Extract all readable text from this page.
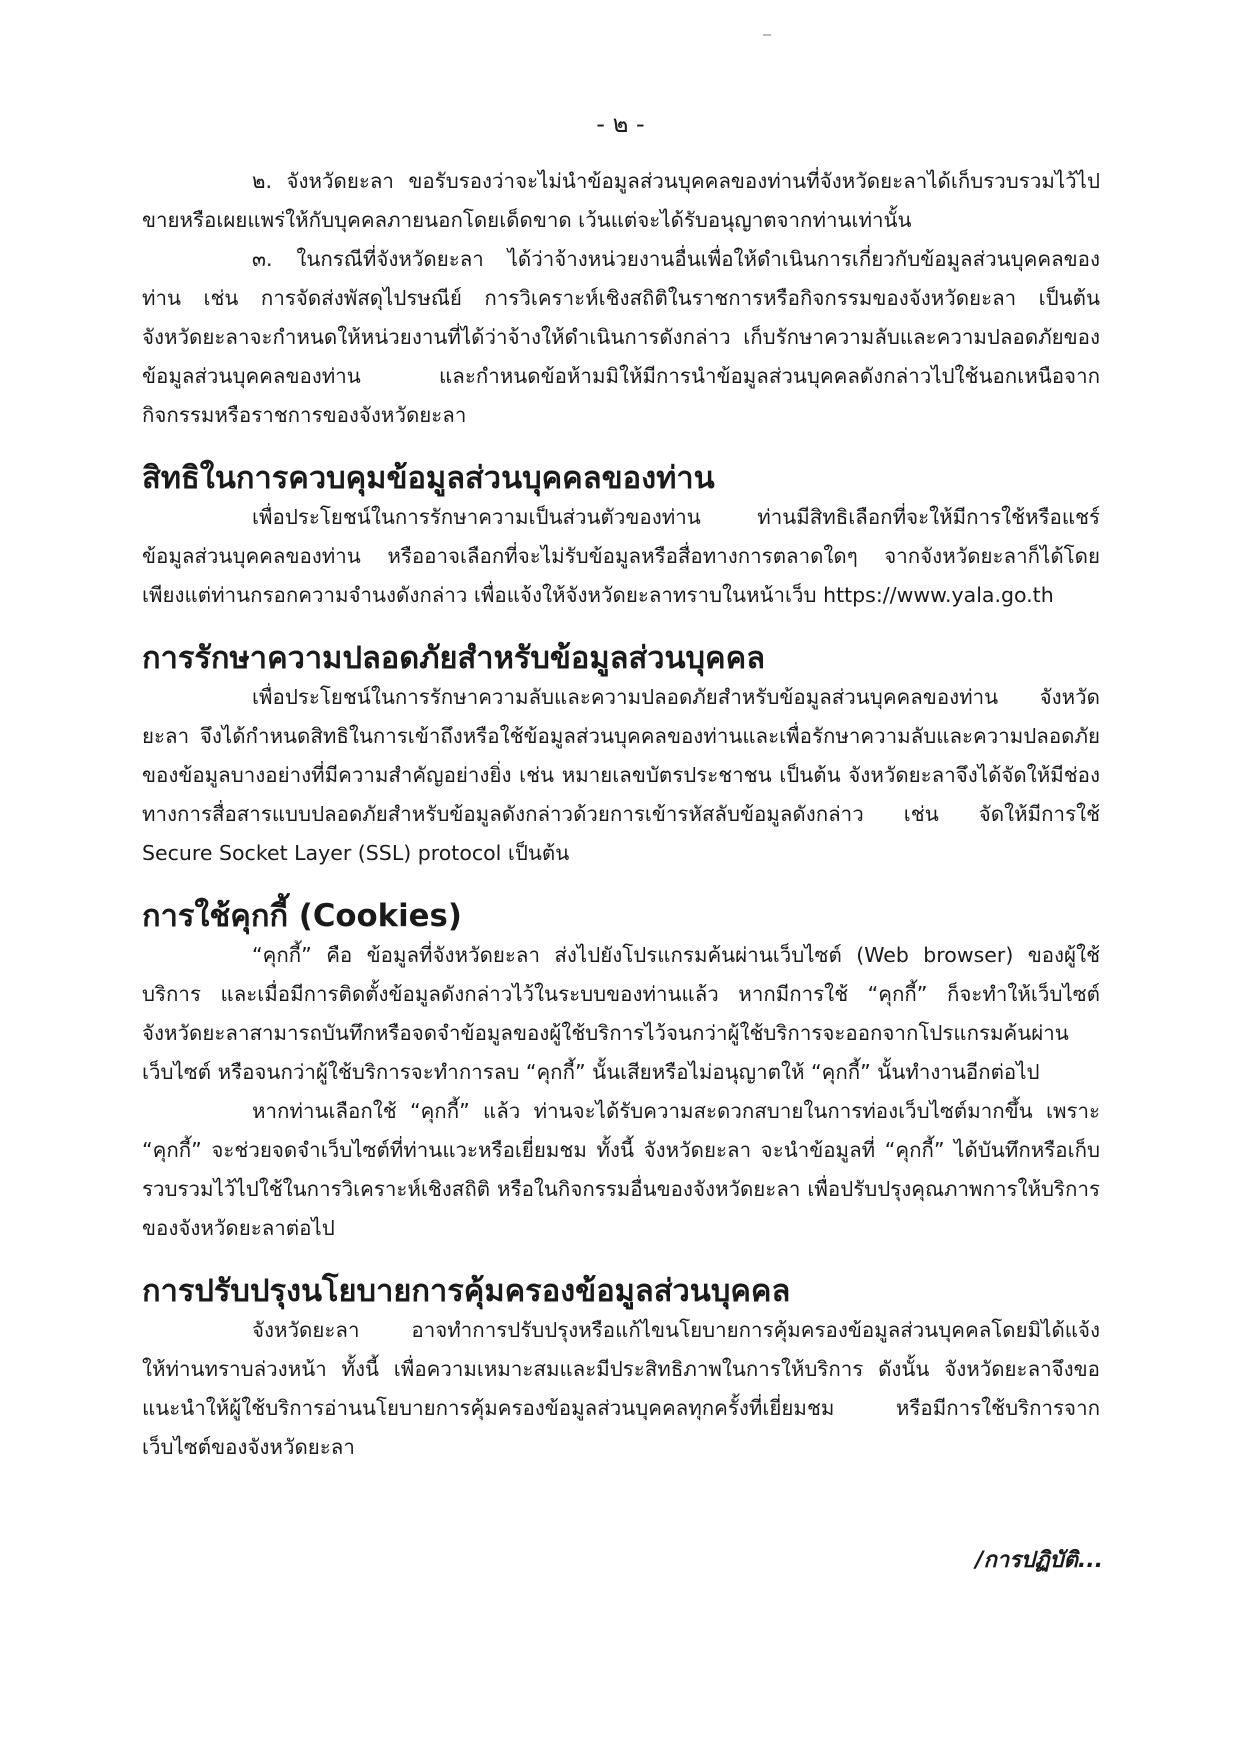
- ๒ -

๒. จังหวัดยะลา ขอรับรองว่าจะไม่นำข้อมูลส่วนบุคคลของท่านที่จังหวัดยะลาได้เก็บรวบรวมไว้ไปขายหรือเผยแพร่ให้กับบุคคลภายนอกโดยเด็ดขาด เว้นแต่จะได้รับอนุญาตจากท่านเท่านั้น

๓. ในกรณีที่จังหวัดยะลา ได้ว่าจ้างหน่วยงานอื่นเพื่อให้ดำเนินการเกี่ยวกับข้อมูลส่วนบุคคลของท่าน เช่น การจัดส่งพัสดุไปรษณีย์ การวิเคราะห์เชิงสถิติในราชการหรือกิจกรรมของจังหวัดยะลา เป็นต้น จังหวัดยะลาจะกำหนดให้หน่วยงานที่ได้ว่าจ้างให้ดำเนินการดังกล่าว เก็บรักษาความลับและความปลอดภัยของข้อมูลส่วนบุคคลของท่าน และกำหนดข้อห้ามมิให้มีการนำข้อมูลส่วนบุคคลดังกล่าวไปใช้นอกเหนือจากกิจกรรมหรือราชการของจังหวัดยะลา

สิทธิในการควบคุมข้อมูลส่วนบุคคลของท่าน

เพื่อประโยชน์ในการรักษาความเป็นส่วนตัวของท่าน ท่านมีสิทธิเลือกที่จะให้มีการใช้หรือแชร์ข้อมูลส่วนบุคคลของท่าน หรืออาจเลือกที่จะไม่รับข้อมูลหรือสื่อทางการตลาดใดๆ จากจังหวัดยะลาก็ได้โดยเพียงแต่ท่านกรอกความจำนงดังกล่าว เพื่อแจ้งให้จังหวัดยะลาทราบในหน้าเว็บ https://www.yala.go.th

การรักษาความปลอดภัยสำหรับข้อมูลส่วนบุคคล

เพื่อประโยชน์ในการรักษาความลับและความปลอดภัยสำหรับข้อมูลส่วนบุคคลของท่าน จังหวัดยะลา จึงได้กำหนดสิทธิในการเข้าถึงหรือใช้ข้อมูลส่วนบุคคลของท่านและเพื่อรักษาความลับและความปลอดภัยของข้อมูลบางอย่างที่มีความสำคัญอย่างยิ่ง เช่น หมายเลขบัตรประชาชน เป็นต้น จังหวัดยะลาจึงได้จัดให้มีช่องทางการสื่อสารแบบปลอดภัยสำหรับข้อมูลดังกล่าวด้วยการเข้ารหัสลับข้อมูลดังกล่าว เช่น จัดให้มีการใช้ Secure Socket Layer (SSL) protocol เป็นต้น

การใช้คุกกี้ (Cookies)

“คุกกี้” คือ ข้อมูลที่จังหวัดยะลา ส่งไปยังโปรแกรมค้นผ่านเว็บไซต์ (Web browser) ของผู้ใช้บริการ และเมื่อมีการติดตั้งข้อมูลดังกล่าวไว้ในระบบของท่านแล้ว หากมีการใช้ “คุกกี้” ก็จะทำให้เว็บไซต์จังหวัดยะลาสามารถบันทึกหรือจดจำข้อมูลของผู้ใช้บริการไว้จนกว่าผู้ใช้บริการจะออกจากโปรแกรมค้นผ่านเว็บไซต์ หรือจนกว่าผู้ใช้บริการจะทำการลบ “คุกกี้” นั้นเสียหรือไม่อนุญาตให้ “คุกกี้” นั้นทำงานอีกต่อไป

หากท่านเลือกใช้ “คุกกี้” แล้ว ท่านจะได้รับความสะดวกสบายในการท่องเว็บไซต์มากขึ้น เพราะ “คุกกี้” จะช่วยจดจำเว็บไซต์ที่ท่านแวะหรือเยี่ยมชม ทั้งนี้ จังหวัดยะลา จะนำข้อมูลที่ “คุกกี้” ได้บันทึกหรือเก็บรวบรวมไว้ไปใช้ในการวิเคราะห์เชิงสถิติ หรือในกิจกรรมอื่นของจังหวัดยะลา เพื่อปรับปรุงคุณภาพการให้บริการของจังหวัดยะลาต่อไป

การปรับปรุงนโยบายการคุ้มครองข้อมูลส่วนบุคคล

จังหวัดยะลา อาจทำการปรับปรุงหรือแก้ไขนโยบายการคุ้มครองข้อมูลส่วนบุคคลโดยมิได้แจ้งให้ท่านทราบล่วงหน้า ทั้งนี้ เพื่อความเหมาะสมและมีประสิทธิภาพในการให้บริการ ดังนั้น จังหวัดยะลาจึงขอแนะนำให้ผู้ใช้บริการอ่านนโยบายการคุ้มครองข้อมูลส่วนบุคคลทุกครั้งที่เยี่ยมชม หรือมีการใช้บริการจากเว็บไซต์ของจังหวัดยะลา

/การปฏิบัติ...
